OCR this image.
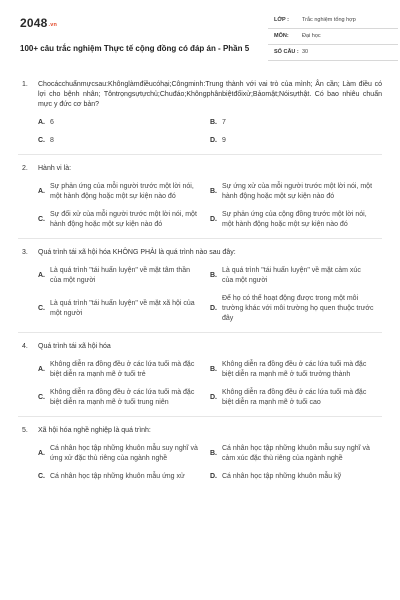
2048.vn
100+ câu trắc nghiệm Thực tế cộng đồng có đáp án - Phần 5
LỚP : Trắc nghiệm tổng hợp
MÔN: Đại học
SỐ CÂU : 30
1. Chocácchuẩnmựcsau:Khônglàmđiềucóhại;Côngminh:Trung thành với vai trò của mình; Ân cần; Làm điều có lợi cho bệnh nhân; Tôntrọngsựtựchủ;Chuđáo;Khôngphânbiệtđốixử;Bảomật;Nóisựthật. Có bao nhiêu chuẩn mực y đức cơ bản?
A. 6	B. 7
C. 8	D. 9
2. Hành vi là:
A.
Sự phản ứng của mỗi người trước một lời nói, một hành động hoặc một sự kiện nào đó
B.
Sự ứng xử của mỗi người trước một lời nói, một hành động hoặc một sự kiện nào đó
C.
Sự đối xử của mỗi người trước một lời nói, một hành động hoặc một sự kiện nào đó
D.
Sự phản ứng của cộng đồng trước một lời nói, một hành động hoặc một sự kiện nào đó
3. Quá trình tái xã hội hóa KHÔNG PHẢI là quá trình nào sau đây:
A.
Là quá trình "tái huấn luyện" về mặt tâm thần của một người
B.
Là quá trình "tái huấn luyện" về mặt cảm xúc của một người
C.
Là quá trình "tái huấn luyện" về mặt xã hội của một người
D.
Để họ có thể hoạt động được trong một môi trường khác với môi trường họ quen thuộc trước đây
4. Quá trình tái xã hội hóa
A.
Không diễn ra đồng đều ở các lứa tuổi mà đặc biệt diễn ra mạnh mẽ ở tuổi trẻ
B.
Không diễn ra đồng đều ở các lứa tuổi mà đặc biệt diễn ra mạnh mẽ ở tuổi trưởng thành
C.
Không diễn ra đồng đều ở các lứa tuổi mà đặc biệt diễn ra mạnh mẽ ở tuổi trung niên
D.
Không diễn ra đồng đều ở các lứa tuổi mà đặc biệt diễn ra mạnh mẽ ở tuổi cao
5. Xã hội hóa nghề nghiệp là quá trình:
A.
Cá nhân học tập những khuôn mẫu suy nghĩ và ứng xử đặc thù riêng của ngành nghề
B.
Cá nhân học tập những khuôn mẫu suy nghĩ và cảm xúc đặc thù riêng của ngành nghề
C. Cá nhân học tập những khuôn mẫu ứng xử	D. Cá nhân học tập những khuôn mẫu kỹ
